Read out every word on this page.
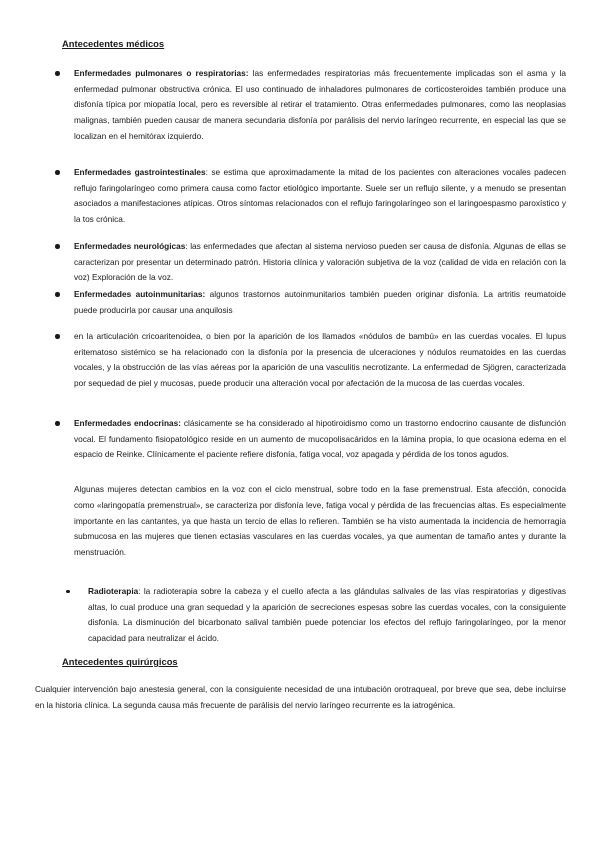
Antecedentes médicos

Enfermedades pulmonares o respiratorias: las enfermedades respiratorias más frecuentemente implicadas son el asma y la enfermedad pulmonar obstructiva crónica. El uso continuado de inhaladores pulmonares de corticosteroides también produce una disfonía típica por miopatía local, pero es reversible al retirar el tratamiento. Otras enfermedades pulmonares, como las neoplasias malignas, también pueden causar de manera secundaria disfonía por parálisis del nervio laríngeo recurrente, en especial las que se localizan en el hemitórax izquierdo.

Enfermedades gastrointestinales: se estima que aproximadamente la mitad de los pacientes con alteraciones vocales padecen reflujo faringolaríngeo como primera causa como factor etiológico importante. Suele ser un reflujo silente, y a menudo se presentan asociados a manifestaciones atípicas. Otros síntomas relacionados con el reflujo faringolaríngeo son el laringoespasmo paroxístico y la tos crónica.

Enfermedades neurológicas: las enfermedades que afectan al sistema nervioso pueden ser causa de disfonía. Algunas de ellas se caracterizan por presentar un determinado patrón. Historia clínica y valoración subjetiva de la voz (calidad de vida en relación con la voz) Exploración de la voz.

Enfermedades autoinmunitarias: algunos trastornos autoinmunitarios también pueden originar disfonía. La artritis reumatoide puede producirla por causar una anquilosis

en la articulación cricoaritenoidea, o bien por la aparición de los llamados «nódulos de bambú» en las cuerdas vocales. El lupus eritematoso sistémico se ha relacionado con la disfonía por la presencia de ulceraciones y nódulos reumatoides en las cuerdas vocales, y la obstrucción de las vías aéreas por la aparición de una vasculitis necrotizante. La enfermedad de Sjögren, caracterizada por sequedad de piel y mucosas, puede producir una alteración vocal por afectación de la mucosa de las cuerdas vocales.

Enfermedades endocrinas: clásicamente se ha considerado al hipotiroidismo como un trastorno endocrino causante de disfunción vocal. El fundamento fisiopatológico reside en un aumento de mucopolisacáridos en la lámina propia, lo que ocasiona edema en el espacio de Reinke. Clínicamente el paciente refiere disfonía, fatiga vocal, voz apagada y pérdida de los tonos agudos.

Algunas mujeres detectan cambios en la voz con el ciclo menstrual, sobre todo en la fase premenstrual. Esta afección, conocida como «laringopatía premenstrual», se caracteriza por disfonía leve, fatiga vocal y pérdida de las frecuencias altas. Es especialmente importante en las cantantes, ya que hasta un tercio de ellas lo refieren. También se ha visto aumentada la incidencia de hemorragia submucosa en las mujeres que tienen ectasias vasculares en las cuerdas vocales, ya que aumentan de tamaño antes y durante la menstruación.

Radioterapia: la radioterapia sobre la cabeza y el cuello afecta a las glándulas salivales de las vías respiratorias y digestivas altas, lo cual produce una gran sequedad y la aparición de secreciones espesas sobre las cuerdas vocales, con la consiguiente disfonía. La disminución del bicarbonato salival también puede potenciar los efectos del reflujo faringolaríngeo, por la menor capacidad para neutralizar el ácido.

Antecedentes quirúrgicos

Cualquier intervención bajo anestesia general, con la consiguiente necesidad de una intubación orotraqueal, por breve que sea, debe incluirse en la historia clínica. La segunda causa más frecuente de parálisis del nervio laríngeo recurrente es la iatrogénica.
